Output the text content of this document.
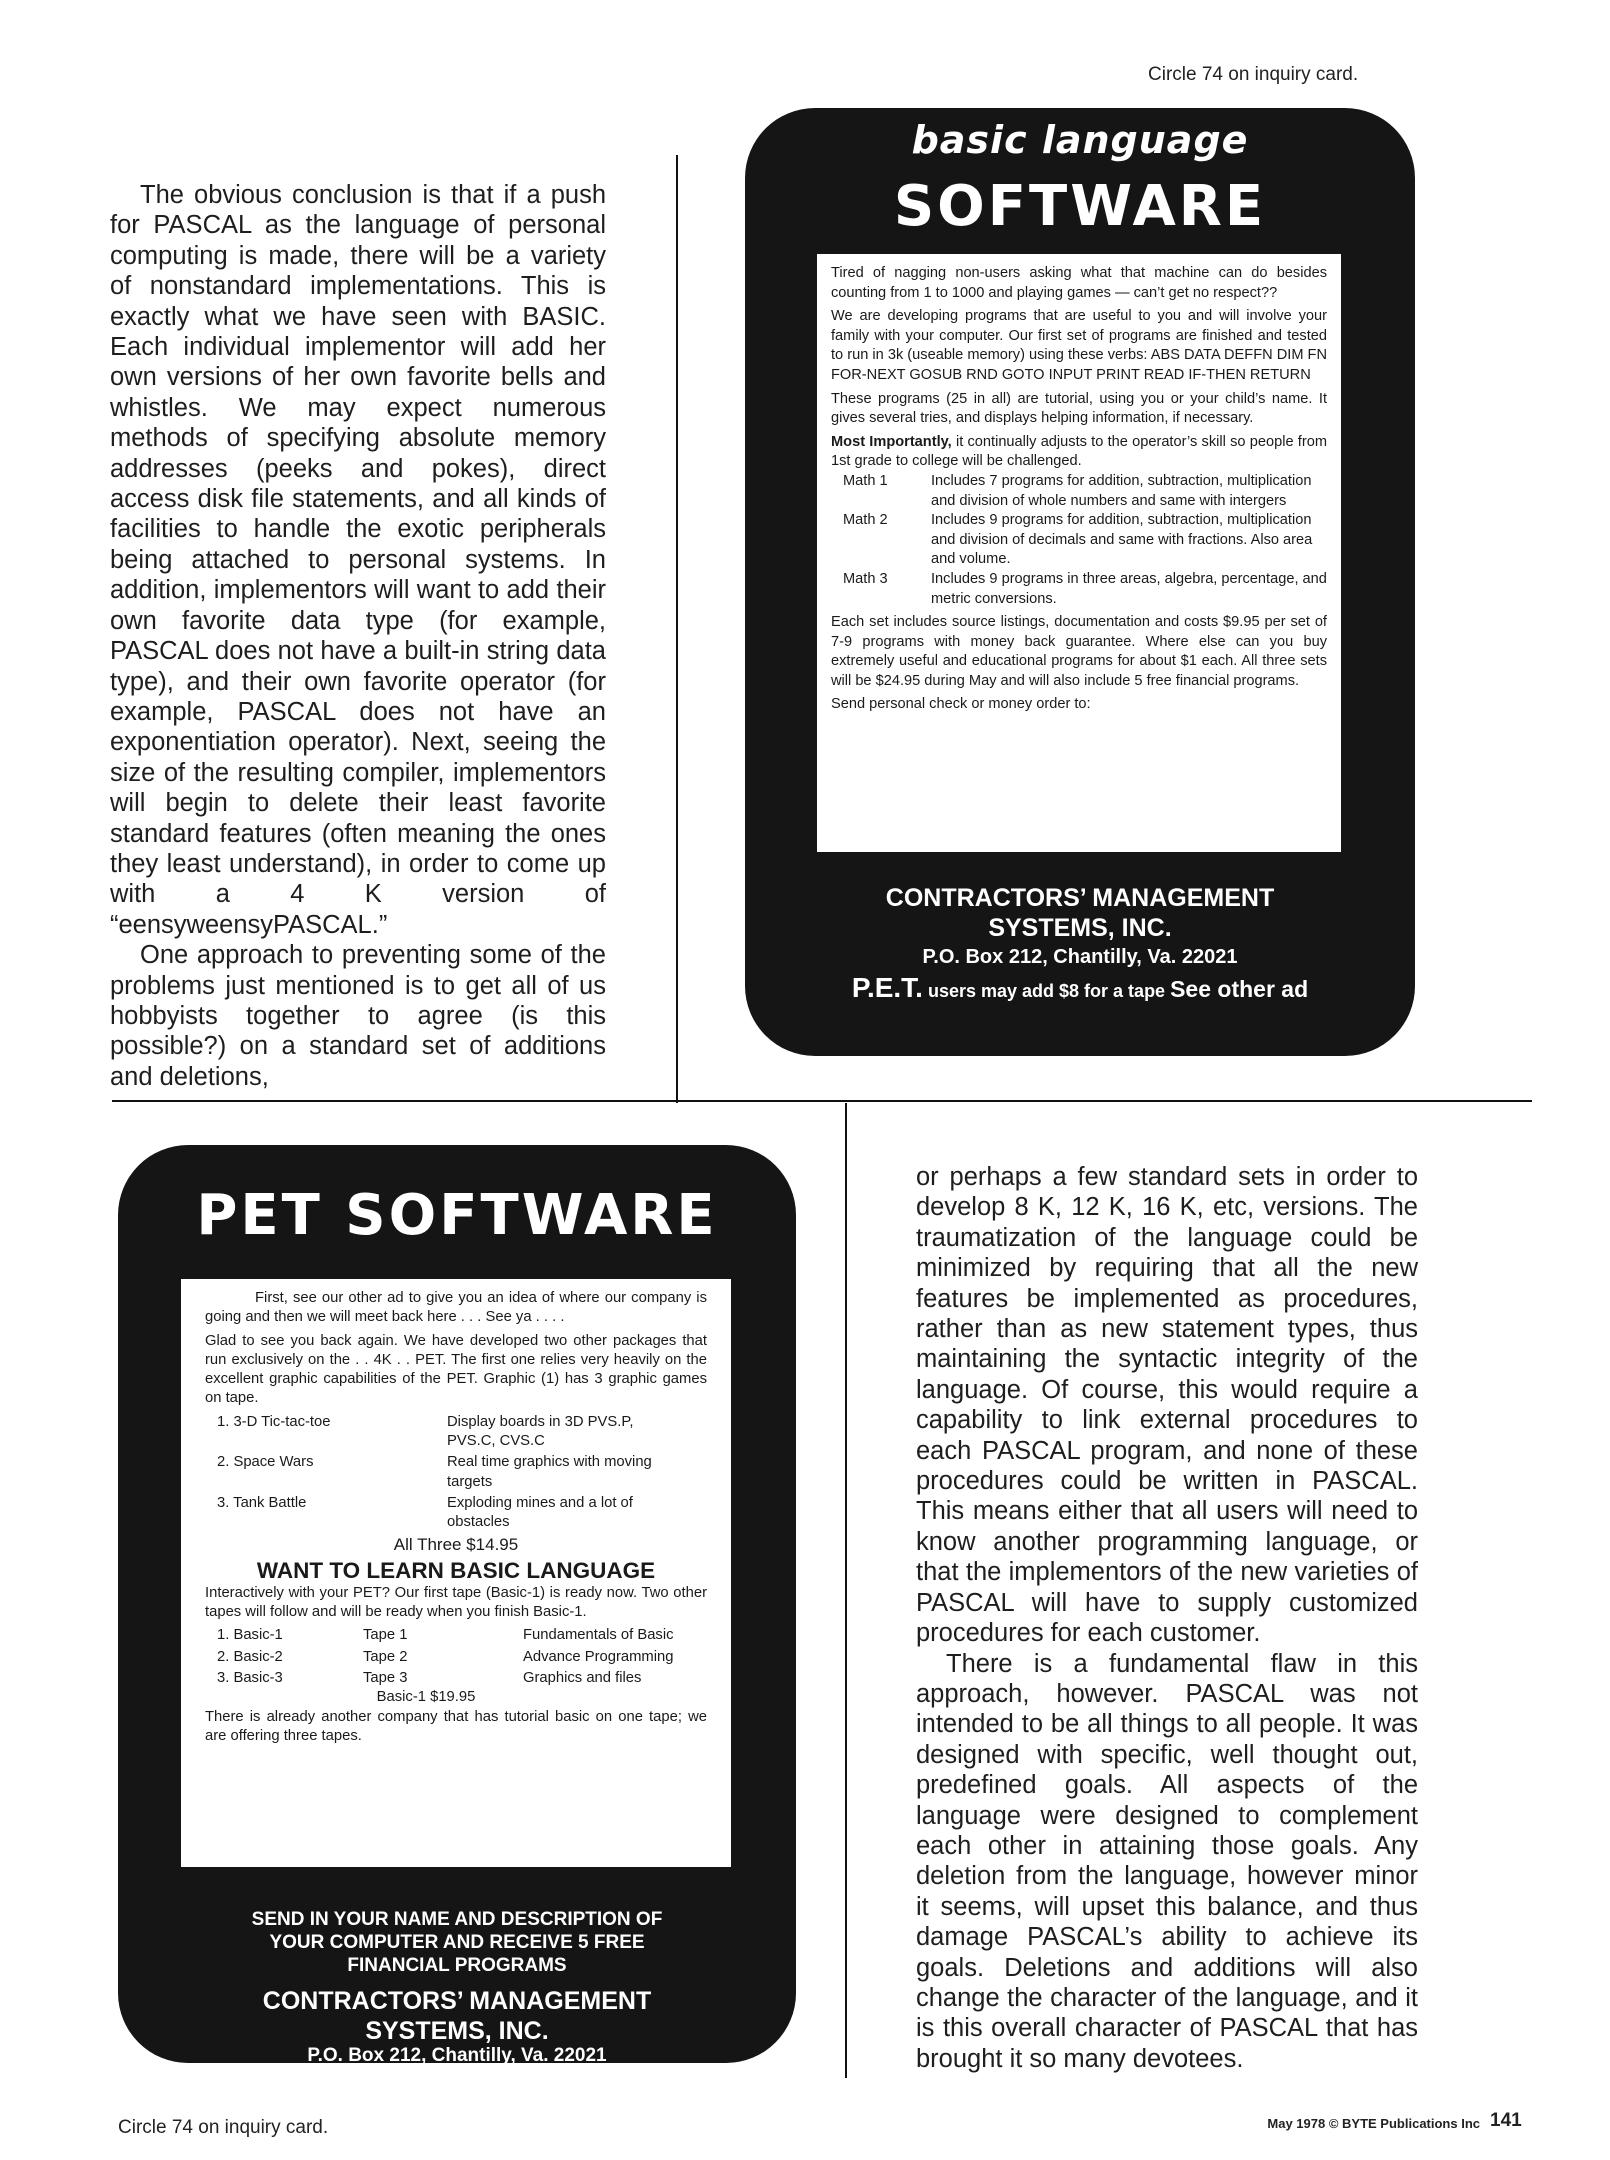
Circle 74 on inquiry card.

The obvious conclusion is that if a push for PASCAL as the language of personal computing is made, there will be a variety of nonstandard implementations. This is exactly what we have seen with BASIC. Each individual implementor will add her own versions of her own favorite bells and whistles. We may expect numerous methods of specifying absolute memory addresses (peeks and pokes), direct access disk file statements, and all kinds of facilities to handle the exotic peripherals being attached to personal systems. In addition, implementors will want to add their own favorite data type (for example, PASCAL does not have a built-in string data type), and their own favorite operator (for example, PASCAL does not have an exponentiation operator). Next, seeing the size of the resulting compiler, implementors will begin to delete their least favorite standard features (often meaning the ones they least understand), in order to come up with a 4 K version of “eensyweensyPASCAL.”

One approach to preventing some of the problems just mentioned is to get all of us hobbyists together to agree (is this possible?) on a standard set of additions and deletions,

basic language
SOFTWARE

Tired of nagging non-users asking what that machine can do besides counting from 1 to 1000 and playing games — can’t get no respect??

We are developing programs that are useful to you and will involve your family with your computer. Our first set of programs are finished and tested to run in 3k (useable memory) using these verbs: ABS DATA DEFFN DIM FN FOR-NEXT GOSUB RND GOTO INPUT PRINT READ IF-THEN RETURN

These programs (25 in all) are tutorial, using you or your child’s name. It gives several tries, and displays helping information, if necessary.

Most Importantly, it continually adjusts to the operator’s skill so people from 1st grade to college will be challenged.

Math 1	Includes 7 programs for addition, subtraction, multiplication and division of whole numbers and same with intergers
Math 2	Includes 9 programs for addition, subtraction, multiplication and division of decimals and same with fractions. Also area and volume.
Math 3	Includes 9 programs in three areas, algebra, percentage, and metric conversions.

Each set includes source listings, documentation and costs $9.95 per set of 7-9 programs with money back guarantee. Where else can you buy extremely useful and educational programs for about $1 each. All three sets will be $24.95 during May and will also include 5 free financial programs.

Send personal check or money order to:

CONTRACTORS’ MANAGEMENT
SYSTEMS, INC.
P.O. Box 212, Chantilly, Va. 22021
P.E.T. users may add $8 for a tape See other ad
PET SOFTWARE

First, see our other ad to give you an idea of where our company is going and then we will meet back here . . . See ya . . . .

Glad to see you back again. We have developed two other packages that run exclusively on the . . 4K . . PET. The first one relies very heavily on the excellent graphic capabilities of the PET. Graphic (1) has 3 graphic games on tape.

1. 3-D Tic-tac-toe	Display boards in 3D PVS.P, PVS.C, CVS.C
2. Space Wars	Real time graphics with moving targets
3. Tank Battle	Exploding mines and a lot of obstacles
All Three $14.95
WANT TO LEARN BASIC LANGUAGE

Interactively with your PET? Our first tape (Basic-1) is ready now. Two other tapes will follow and will be ready when you finish Basic-1.

1. Basic-1	Tape 1	Fundamentals of Basic
2. Basic-2	Tape 2	Advance Programming
3. Basic-3	Tape 3	Graphics and files
Basic-1 $19.95

There is already another company that has tutorial basic on one tape; we are offering three tapes.

SEND IN YOUR NAME AND DESCRIPTION OF
YOUR COMPUTER AND RECEIVE 5 FREE
FINANCIAL PROGRAMS
CONTRACTORS’ MANAGEMENT
SYSTEMS, INC.
P.O. Box 212, Chantilly, Va. 22021

or perhaps a few standard sets in order to develop 8 K, 12 K, 16 K, etc, versions. The traumatization of the language could be minimized by requiring that all the new features be implemented as procedures, rather than as new statement types, thus maintaining the syntactic integrity of the language. Of course, this would require a capability to link external procedures to each PASCAL program, and none of these procedures could be written in PASCAL. This means either that all users will need to know another programming language, or that the implementors of the new varieties of PASCAL will have to supply customized procedures for each customer.

There is a fundamental flaw in this approach, however. PASCAL was not intended to be all things to all people. It was designed with specific, well thought out, predefined goals. All aspects of the language were designed to complement each other in attaining those goals. Any deletion from the language, however minor it seems, will upset this balance, and thus damage PASCAL’s ability to achieve its goals. Deletions and additions will also change the character of the language, and it is this overall character of PASCAL that has brought it so many devotees.

Circle 74 on inquiry card.	May 1978 © BYTE Publications Inc 141
